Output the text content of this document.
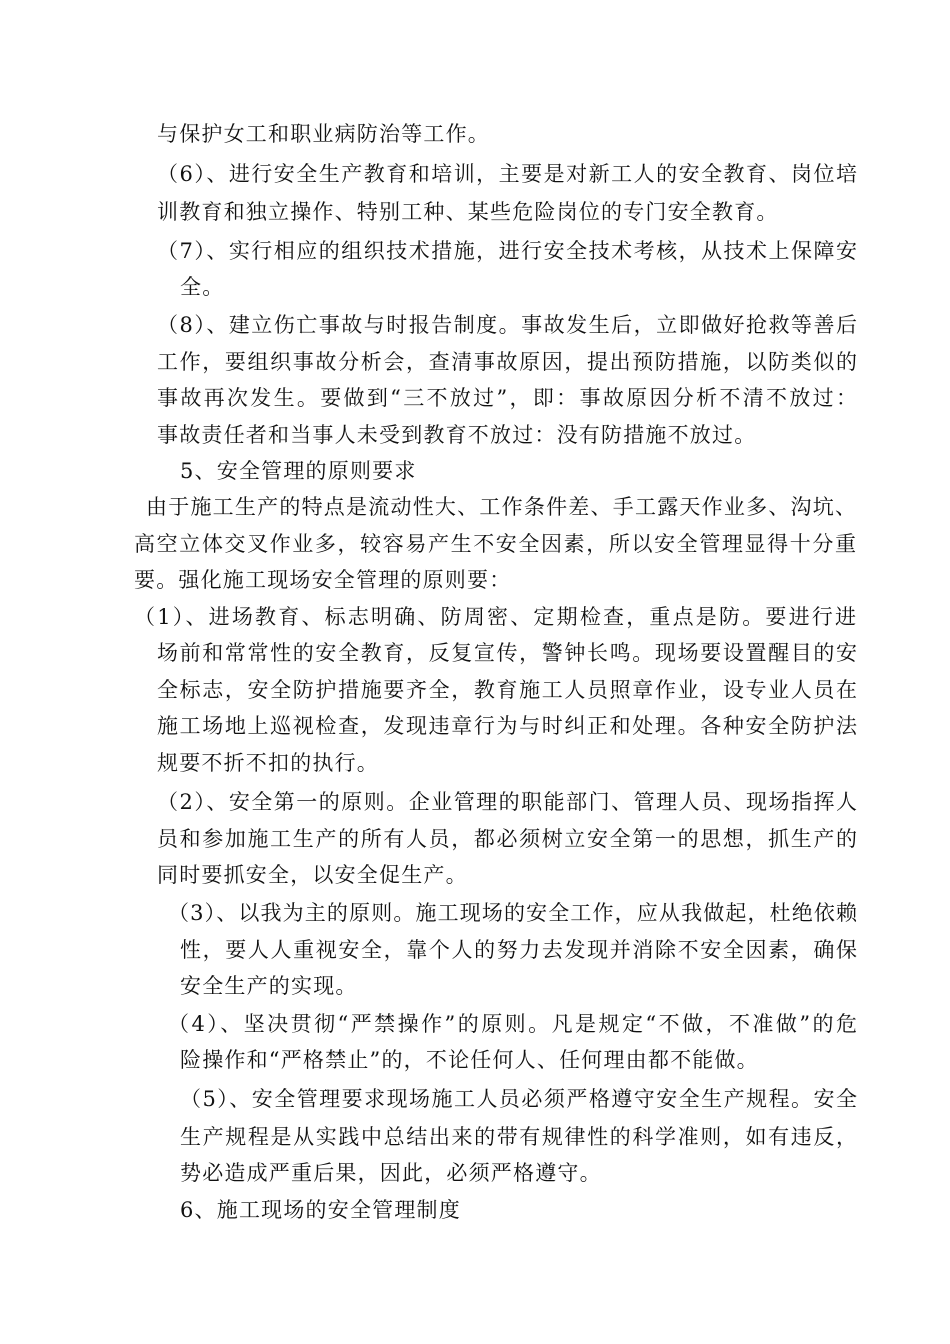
与保护女工和职业病防治等工作。
（6）、进行安全生产教育和培训，主要是对新工人的安全教育、岗位培
训教育和独立操作、特别工种、某些危险岗位的专门安全教育。
（7）、实行相应的组织技术措施，进行安全技术考核，从技术上保障安
全。
（8）、建立伤亡事故与时报告制度。事故发生后，立即做好抢救等善后
工作，要组织事故分析会，查清事故原因，提出预防措施，以防类似的
事故再次发生。要做到“三不放过”，即：事故原因分析不清不放过：
事故责任者和当事人未受到教育不放过：没有防措施不放过。
5、安全管理的原则要求
由于施工生产的特点是流动性大、工作条件差、手工露天作业多、沟坑、
高空立体交叉作业多，较容易产生不安全因素，所以安全管理显得十分重
要。强化施工现场安全管理的原则要：
（1）、进场教育、标志明确、防周密、定期检查，重点是防。要进行进
场前和常常性的安全教育，反复宣传，警钟长鸣。现场要设置醒目的安
全标志，安全防护措施要齐全，教育施工人员照章作业，设专业人员在
施工场地上巡视检查，发现违章行为与时纠正和处理。各种安全防护法
规要不折不扣的执行。
（2）、安全第一的原则。企业管理的职能部门、管理人员、现场指挥人
员和参加施工生产的所有人员，都必须树立安全第一的思想，抓生产的
同时要抓安全，以安全促生产。
（3）、以我为主的原则。施工现场的安全工作，应从我做起，杜绝依赖
性，要人人重视安全，靠个人的努力去发现并消除不安全因素，确保
安全生产的实现。
（4）、坚决贯彻“严禁操作”的原则。凡是规定“不做，不准做”的危
险操作和“严格禁止”的，不论任何人、任何理由都不能做。
（5）、安全管理要求现场施工人员必须严格遵守安全生产规程。安全
生产规程是从实践中总结出来的带有规律性的科学准则，如有违反，
势必造成严重后果，因此，必须严格遵守。
6、施工现场的安全管理制度
